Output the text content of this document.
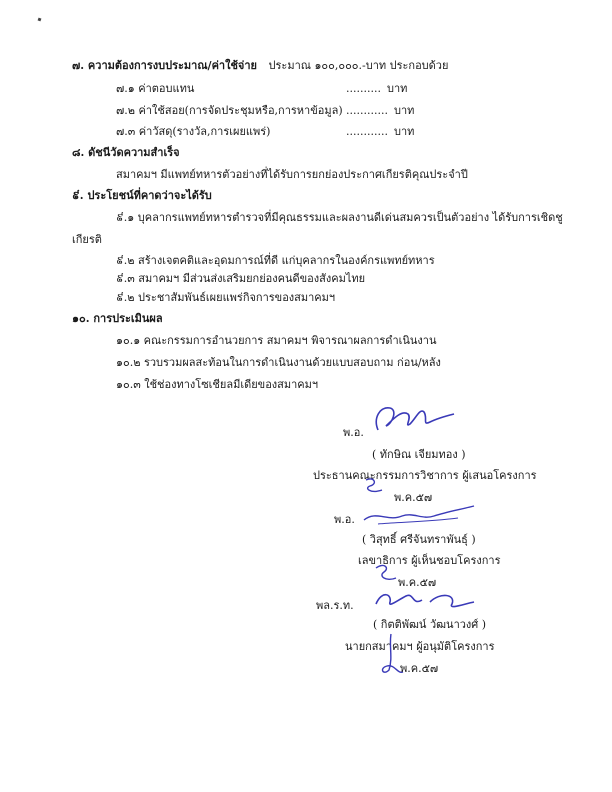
๗. ความต้องการงบประมาณ/ค่าใช้จ่าย ประมาณ ๑๐๐,๐๐๐.-บาท ประกอบด้วย
๗.๑ ค่าตอบแทน	.......... บาท
๗.๒ ค่าใช้สอย(การจัดประชุมหรือ,การหาข้อมูล) ............ บาท
๗.๓ ค่าวัสดุ(รางวัล,การเผยแพร่)	............ บาท
๘. ดัชนีวัดความสำเร็จ
สมาคมฯ มีแพทย์ทหารตัวอย่างที่ได้รับการยกย่องประกาศเกียรติคุณประจำปี
៩. ประโยชน์ที่คาดว่าจะได้รับ
៩.๑ บุคลากรแพทย์ทหารตำรวจที่มีคุณธรรมและผลงานดีเด่นสมควรเป็นตัวอย่าง ได้รับการเชิดชู
เกียรติ
៩.๒ สร้างเจตคติและอุดมการณ์ที่ดี แก่บุคลากรในองค์กรแพทย์ทหาร
៩.๓ สมาคมฯ มีส่วนส่งเสริมยกย่องคนดีของสังคมไทย
៩.๒ ประชาสัมพันธ์เผยแพร่กิจการของสมาคมฯ
๑๐. การประเมินผล
๑๐.๑ คณะกรรมการอำนวยการ สมาคมฯ พิจารณาผลการดำเนินงาน
๑๐.๒ รวบรวมผลสะท้อนในการดำเนินงานด้วยแบบสอบถาม ก่อน/หลัง
๑๐.๓ ใช้ช่องทางโซเชียลมีเดียของสมาคมฯ
พ.อ.
( ทักษิณ เจียมทอง )
ประธานคณะกรรมการวิชาการ ผู้เสนอโครงการ
พ.ค.๕๗
พ.อ.
( วิสุทธิ์ ศรีจันทราพันธุ์ )
เลขาธิการ ผู้เห็นชอบโครงการ
พ.ค.๕๗
พล.ร.ท.
( กิตติพัฒน์ วัฒนาวงศ์ )
นายกสมาคมฯ ผู้อนุมัติโครงการ
พ.ค.๕๗
